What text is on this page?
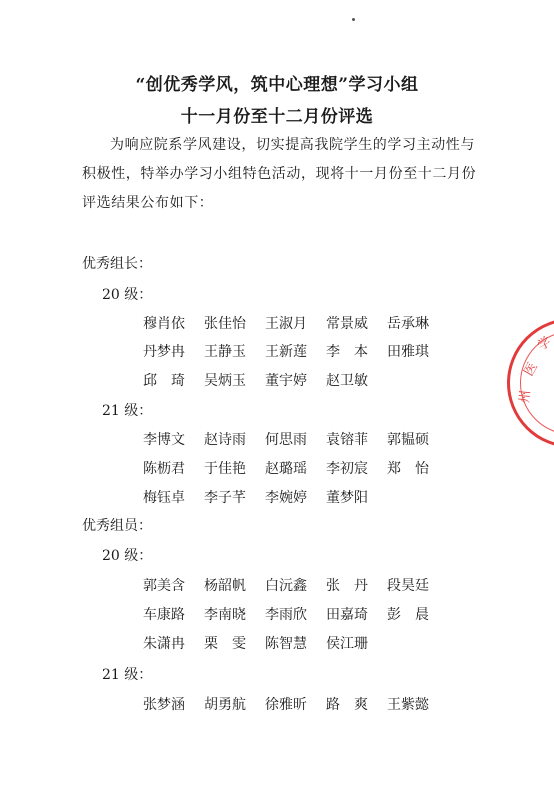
“创优秀学风，筑中心理想”学习小组
十一月份至十二月份评选
为响应院系学风建设，切实提高我院学生的学习主动性与积极性，特举办学习小组特色活动，现将十一月份至十二月份评选结果公布如下：
优秀组长：
20 级：
穆肖依	张佳怡	王淑月	常景威	岳承琳
丹梦冉	王静玉	王新莲	李　本	田雅琪
邱　琦	吴炳玉	董宇婷	赵卫敏
21 级：
李博文	赵诗雨	何思雨	袁镕菲	郭韫硕
陈枥君	于佳艳	赵璐瑶	李初宸	郑　怡
梅钰卓	李子芊	李婉婷	董梦阳
优秀组员：
20 级：
郭美含	杨韶帆	白沅鑫	张　丹	段昊廷
车康路	李南晓	李雨欣	田嘉琦	彭　晨
朱潇冉	栗　雯	陈智慧	侯江珊
21 级：
张梦涵	胡勇航	徐雅昕	路　爽	王紫懿
学
医
州
